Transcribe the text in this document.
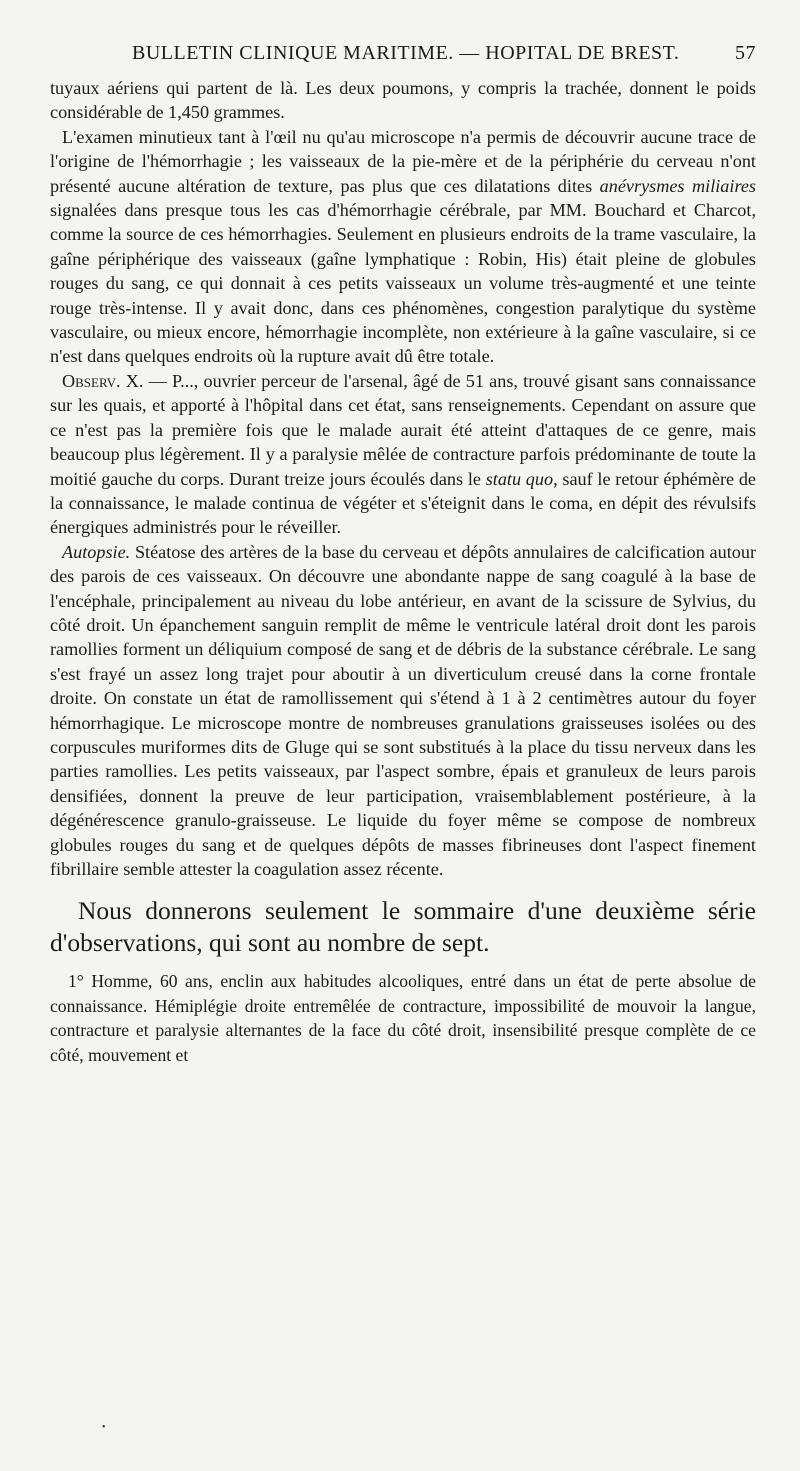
BULLETIN CLINIQUE MARITIME. — HOPITAL DE BREST.	57

tuyaux aériens qui partent de là. Les deux poumons, y compris la trachée, donnent le poids considérable de 1,450 grammes.

L'examen minutieux tant à l'œil nu qu'au microscope n'a permis de découvrir aucune trace de l'origine de l'hémorrhagie ; les vaisseaux de la pie-mère et de la périphérie du cerveau n'ont présenté aucune altération de texture, pas plus que ces dilatations dites anévrysmes miliaires signalées dans presque tous les cas d'hémorrhagie cérébrale, par MM. Bouchard et Charcot, comme la source de ces hémorrhagies. Seulement en plusieurs endroits de la trame vasculaire, la gaîne périphérique des vaisseaux (gaîne lymphatique : Robin, His) était pleine de globules rouges du sang, ce qui donnait à ces petits vaisseaux un volume très-augmenté et une teinte rouge très-intense. Il y avait donc, dans ces phénomènes, congestion paralytique du système vasculaire, ou mieux encore, hémorrhagie incomplète, non extérieure à la gaîne vasculaire, si ce n'est dans quelques endroits où la rupture avait dû être totale.

Observ. X. — P..., ouvrier perceur de l'arsenal, âgé de 51 ans, trouvé gisant sans connaissance sur les quais, et apporté à l'hôpital dans cet état, sans renseignements. Cependant on assure que ce n'est pas la première fois que le malade aurait été atteint d'attaques de ce genre, mais beaucoup plus légèrement. Il y a paralysie mêlée de contracture parfois prédominante de toute la moitié gauche du corps. Durant treize jours écoulés dans le statu quo, sauf le retour éphémère de la connaissance, le malade continua de végéter et s'éteignit dans le coma, en dépit des révulsifs énergiques administrés pour le réveiller.

Autopsie. Stéatose des artères de la base du cerveau et dépôts annulaires de calcification autour des parois de ces vaisseaux. On découvre une abondante nappe de sang coagulé à la base de l'encéphale, principalement au niveau du lobe antérieur, en avant de la scissure de Sylvius, du côté droit. Un épanchement sanguin remplit de même le ventricule latéral droit dont les parois ramollies forment un déliquium composé de sang et de débris de la substance cérébrale. Le sang s'est frayé un assez long trajet pour aboutir à un diverticulum creusé dans la corne frontale droite. On constate un état de ramollissement qui s'étend à 1 à 2 centimètres autour du foyer hémorrhagique. Le microscope montre de nombreuses granulations graisseuses isolées ou des corpuscules muriformes dits de Gluge qui se sont substitués à la place du tissu nerveux dans les parties ramollies. Les petits vaisseaux, par l'aspect sombre, épais et granuleux de leurs parois densifiées, donnent la preuve de leur participation, vraisemblablement postérieure, à la dégénérescence granulo-graisseuse. Le liquide du foyer même se compose de nombreux globules rouges du sang et de quelques dépôts de masses fibrineuses dont l'aspect finement fibrillaire semble attester la coagulation assez récente.

Nous donnerons seulement le sommaire d'une deuxième série d'observations, qui sont au nombre de sept.

1° Homme, 60 ans, enclin aux habitudes alcooliques, entré dans un état de perte absolue de connaissance. Hémiplégie droite entremêlée de contracture, impossibilité de mouvoir la langue, contracture et paralysie alternantes de la face du côté droit, insensibilité presque complète de ce côté, mouvement et

•
